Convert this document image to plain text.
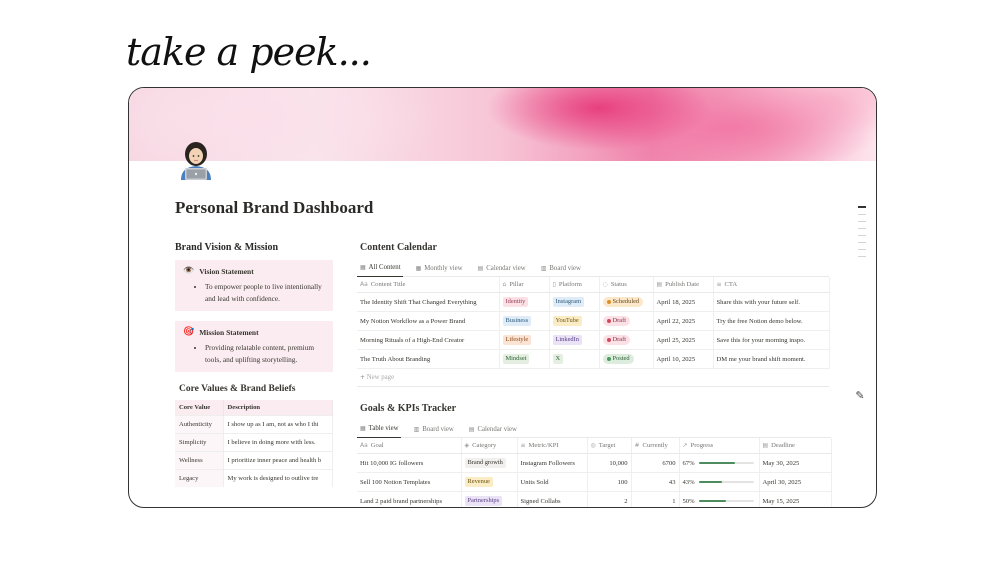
take a peek...
Personal Brand Dashboard
✎
Brand Vision & Mission
👁️ Vision Statement
• To empower people to live intentionally and lead with confidence.
🎯 Mission Statement
• Providing relatable content, premium tools, and uplifting storytelling.
Core Values & Brand Beliefs
Core Value	Description
Authenticity	I show up as I am, not as who I thi
Simplicity	I believe in doing more with less.
Wellness	I prioritize inner peace and health b
Legacy	My work is designed to outlive tre
Content Calendar
▦ All Content	▦ Monthly view	▤ Calendar view	▥ Board view
Aa Content Title	⌂ Pillar	▯ Platform	◌ Status	▤ Publish Date	≡ CTA
The Identity Shift That Changed Everything	Identity	Instagram	Scheduled	April 18, 2025	Share this with your future self.
My Notion Workflow as a Power Brand	Business	YouTube	Draft	April 22, 2025	Try the free Notion demo below.
Morning Rituals of a High-End Creator	Lifestyle	LinkedIn	Draft	April 25, 2025	Save this for your morning inspo.
The Truth About Branding	Mindset	X	Posted	April 10, 2025	DM me your brand shift moment.
+ New page
Goals & KPIs Tracker
▦ Table view	▥ Board view	▤ Calendar view
Aa Goal	◈ Category	≡ Metric/KPI	◎ Target	# Currently	↗ Progress	▤ Deadline
Hit 10,000 IG followers	Brand growth	Instagram Followers	10,000	6700	67%	May 30, 2025
Sell 100 Notion Templates	Revenue	Units Sold	100	43	43%	April 30, 2025
Land 2 paid brand partnerships	Partnerships	Signed Collabs	2	1	50%	May 15, 2025
